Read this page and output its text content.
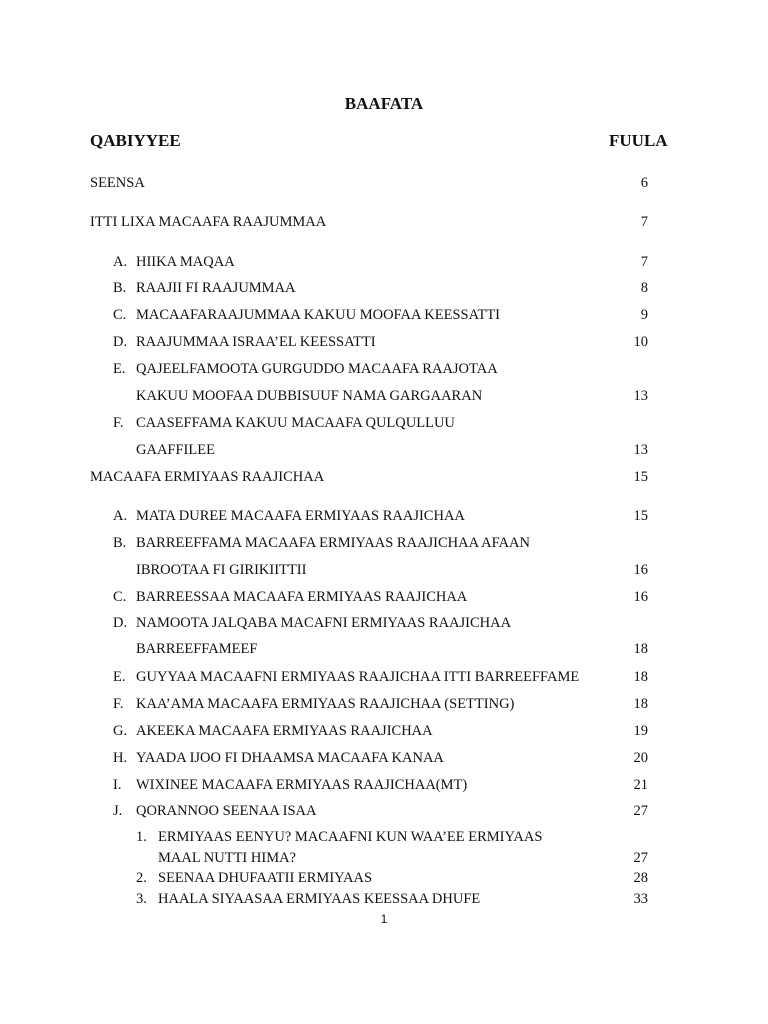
BAAFATA
QABIYYEE	FUULA
SEENSA	6
ITTI LIXA MACAAFA RAAJUMMAA	7
A. HIIKA MAQAA	7
B. RAAJII FI RAAJUMMAA	8
C. MACAAFARAAJUMMAA KAKUU MOOFAA KEESSATTI	9
D. RAAJUMMAA ISRAA’EL KEESSATTI	10
E. QAJEELFAMOOTA GURGUDDO MACAAFA RAAJOTAA
KAKUU MOOFAA DUBBISUUF NAMA GARGAARAN	13
F. CAASEFFAMA KAKUU MACAAFA QULQULLUU
GAAFFILEE	13
MACAAFA ERMIYAAS RAAJICHAA	15
A. MATA DUREE MACAAFA ERMIYAAS RAAJICHAA	15
B. BARREEFFAMA MACAAFA ERMIYAAS RAAJICHAA AFAAN
IBROOTAA FI GIRIKIITTII	16
C. BARREESSAA MACAAFA ERMIYAAS RAAJICHAA	16
D. NAMOOTA JALQABA MACAFNI ERMIYAAS RAAJICHAA
BARREEFFAMEEF	18
E. GUYYAA MACAAFNI ERMIYAAS RAAJICHAA ITTI BARREEFFAME	18
F. KAA’AMA MACAAFA ERMIYAAS RAAJICHAA (SETTING)	18
G. AKEEKA MACAAFA ERMIYAAS RAAJICHAA	19
H. YAADA IJOO FI DHAAMSA MACAAFA KANAA	20
I. WIXINEE MACAAFA ERMIYAAS RAAJICHAA(MT)	21
J. QORANNOO SEENAA ISAA	27
1. ERMIYAAS EENYU? MACAAFNI KUN WAA’EE ERMIYAAS
MAAL NUTTI HIMA?	27
2. SEENAA DHUFAATII ERMIYAAS	28
3. HAALA SIYAASAA ERMIYAAS KEESSAA DHUFE	33
1
